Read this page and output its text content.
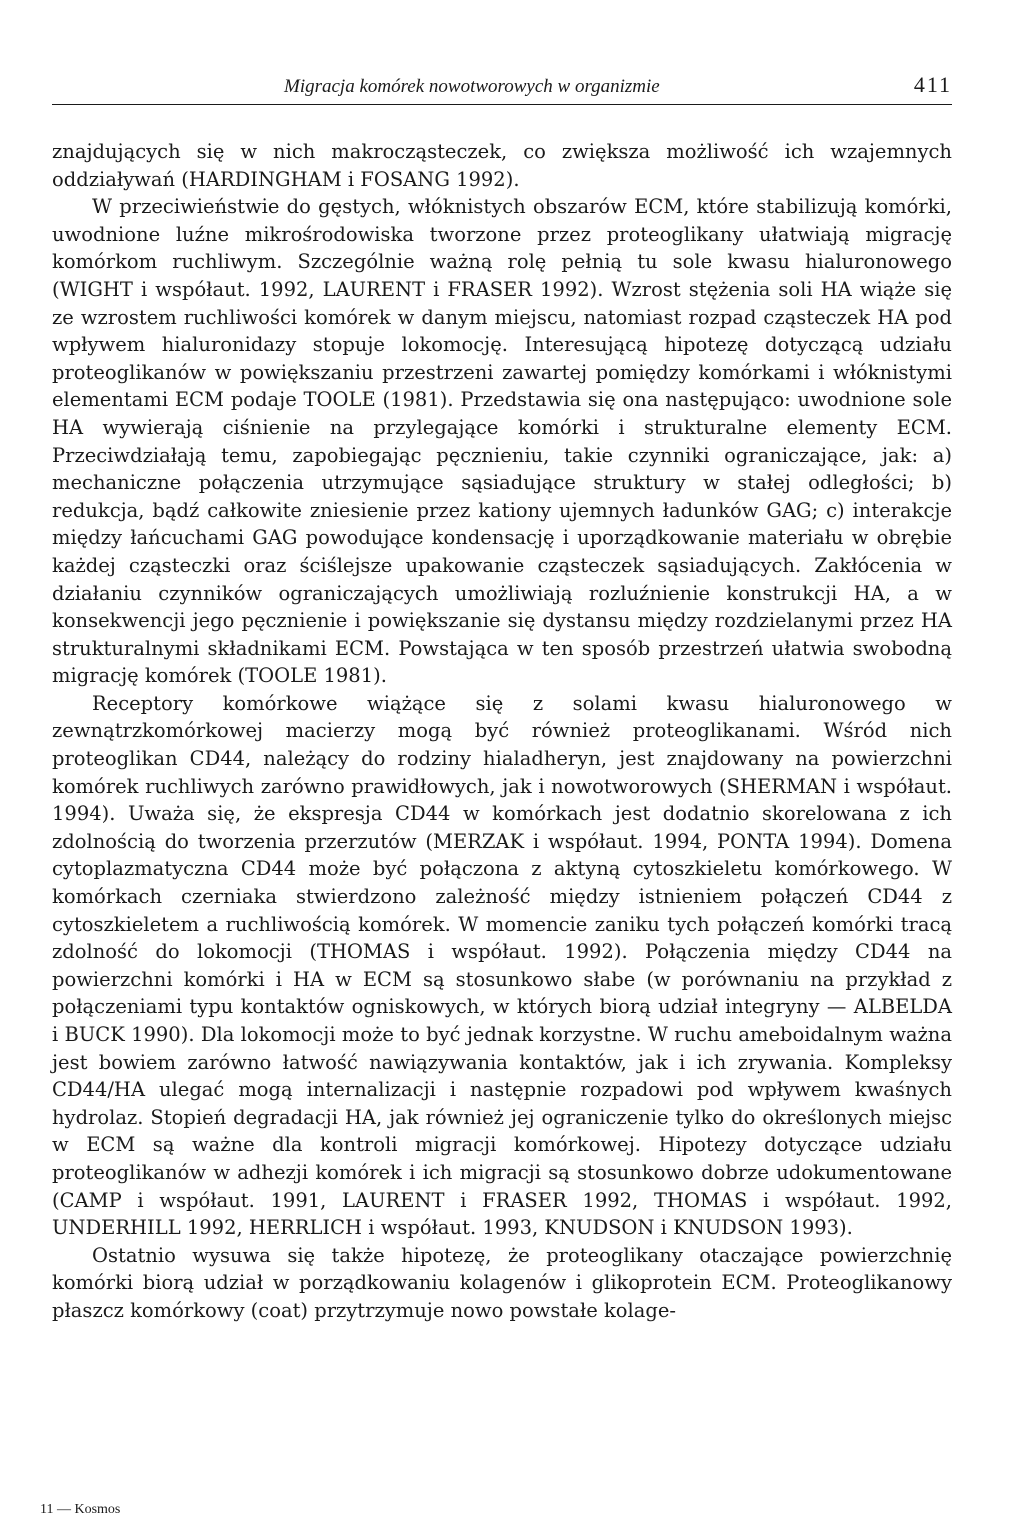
Migracja komórek nowotworowych w organizmie	411

znajdujących się w nich makrocząsteczek, co zwiększa możliwość ich wzajemnych oddziaływań (HARDINGHAM i FOSANG 1992).

W przeciwieństwie do gęstych, włóknistych obszarów ECM, które stabilizują komórki, uwodnione luźne mikrośrodowiska tworzone przez proteoglikany ułatwiają migrację komórkom ruchliwym. Szczególnie ważną rolę pełnią tu sole kwasu hialuronowego (WIGHT i współaut. 1992, LAURENT i FRASER 1992). Wzrost stężenia soli HA wiąże się ze wzrostem ruchliwości komórek w danym miejscu, natomiast rozpad cząsteczek HA pod wpływem hialuronidazy stopuje lokomocję. Interesującą hipotezę dotyczącą udziału proteoglikanów w powiększaniu przestrzeni zawartej pomiędzy komórkami i włóknistymi elementami ECM podaje TOOLE (1981). Przedstawia się ona następująco: uwodnione sole HA wywierają ciśnienie na przylegające komórki i strukturalne elementy ECM. Przeciwdziałają temu, zapobiegając pęcznieniu, takie czynniki ograniczające, jak: a) mechaniczne połączenia utrzymujące sąsiadujące struktury w stałej odległości; b) redukcja, bądź całkowite zniesienie przez kationy ujemnych ładunków GAG; c) interakcje między łańcuchami GAG powodujące kondensację i uporządkowanie materiału w obrębie każdej cząsteczki oraz ściślejsze upakowanie cząsteczek sąsiadujących. Zakłócenia w działaniu czynników ograniczających umożliwiają rozluźnienie konstrukcji HA, a w konsekwencji jego pęcznienie i powiększanie się dystansu między rozdzielanymi przez HA strukturalnymi składnikami ECM. Powstająca w ten sposób przestrzeń ułatwia swobodną migrację komórek (TOOLE 1981).

Receptory komórkowe wiążące się z solami kwasu hialuronowego w zewnątrzkomórkowej macierzy mogą być również proteoglikanami. Wśród nich proteoglikan CD44, należący do rodziny hialadheryn, jest znajdowany na powierzchni komórek ruchliwych zarówno prawidłowych, jak i nowotworowych (SHERMAN i współaut. 1994). Uważa się, że ekspresja CD44 w komórkach jest dodatnio skorelowana z ich zdolnością do tworzenia przerzutów (MERZAK i współaut. 1994, PONTA 1994). Domena cytoplazmatyczna CD44 może być połączona z aktyną cytoszkieletu komórkowego. W komórkach czerniaka stwierdzono zależność między istnieniem połączeń CD44 z cytoszkieletem a ruchliwością komórek. W momencie zaniku tych połączeń komórki tracą zdolność do lokomocji (THOMAS i współaut. 1992). Połączenia między CD44 na powierzchni komórki i HA w ECM są stosunkowo słabe (w porównaniu na przykład z połączeniami typu kontaktów ogniskowych, w których biorą udział integryny — ALBELDA i BUCK 1990). Dla lokomocji może to być jednak korzystne. W ruchu ameboidalnym ważna jest bowiem zarówno łatwość nawiązywania kontaktów, jak i ich zrywania. Kompleksy CD44/HA ulegać mogą internalizacji i następnie rozpadowi pod wpływem kwaśnych hydrolaz. Stopień degradacji HA, jak również jej ograniczenie tylko do określonych miejsc w ECM są ważne dla kontroli migracji komórkowej. Hipotezy dotyczące udziału proteoglikanów w adhezji komórek i ich migracji są stosunkowo dobrze udokumentowane (CAMP i współaut. 1991, LAURENT i FRASER 1992, THOMAS i współaut. 1992, UNDERHILL 1992, HERRLICH i współaut. 1993, KNUDSON i KNUDSON 1993).

Ostatnio wysuwa się także hipotezę, że proteoglikany otaczające powierzchnię komórki biorą udział w porządkowaniu kolagenów i glikoprotein ECM. Proteoglikanowy płaszcz komórkowy (coat) przytrzymuje nowo powstałe kolage-

11 — Kosmos
